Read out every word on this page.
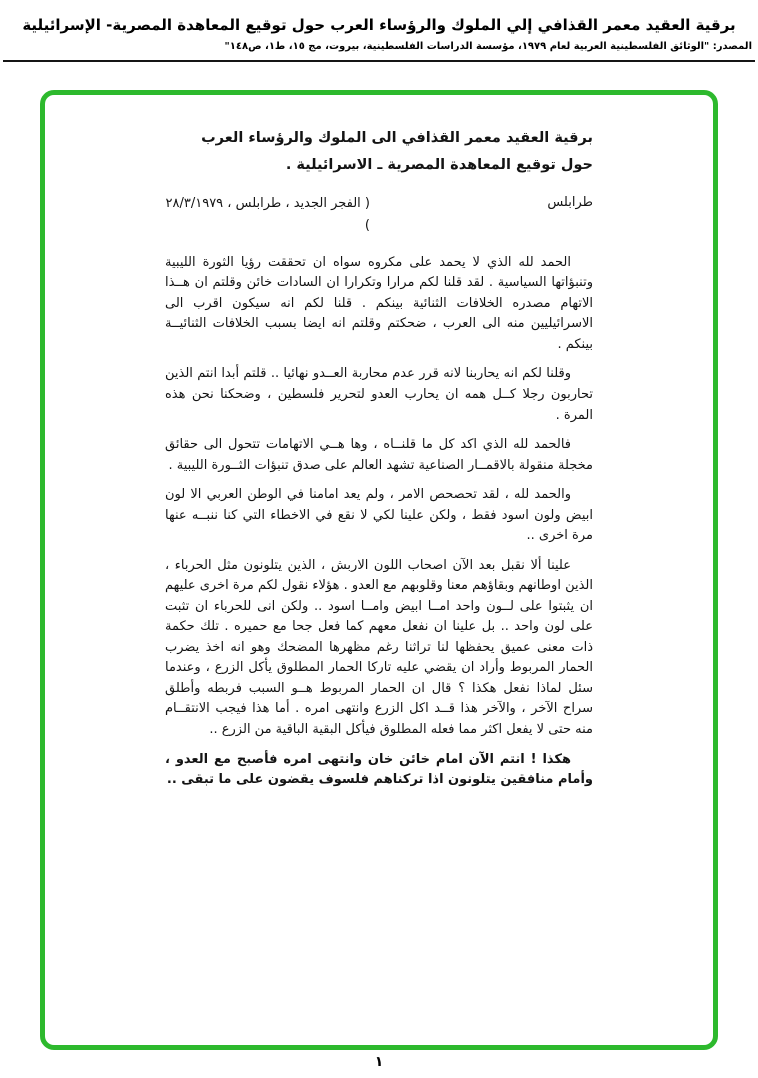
برقية العقيد معمر القذافي إلي الملوك والرؤساء العرب حول توقيع المعاهدة المصرية- الإسرائيلية
المصدر: "الوثائق الفلسطينية العربية لعام ١٩٧٩، مؤسسة الدراسات الفلسطينية، بيروت، مج ١٥، ط١، ص١٤٨"
برقية العقيد معمر القذافي الى الملوك والرؤساء العرب
حول توقيع المعاهدة المصرية ـ الاسرائيلية .
طرابلس
( الفجر الجديد ، طرابلس ، ٢٨/٣/١٩٧٩ )

الحمد لله الذي لا يحمد على مكروه سواه ان تحققت رؤيا الثورة الليبية وتنبؤاتها السياسية . لقد قلنا لكم مرارا وتكرارا ان السادات خائن وقلتم ان هــذا الاتهام مصدره الخلافات الثنائية بينكم . قلنا لكم انه سيكون اقرب الى الاسرائيليين منه الى العرب ، ضحكتم وقلتم انه ايضا بسبب الخلافات الثنائيــة بينكم .

وقلنا لكم انه يحاربنا لانه قرر عدم محاربة العــدو نهائيا .. قلتم أبدا انتم الذين تحاربون رجلا كــل همه ان يحارب العدو لتحرير فلسطين ، وضحكنا نحن هذه المرة .

فالحمد لله الذي اكد كل ما قلنــاه ، وها هــي الاتهامات تتحول الى حقائق مخجلة منقولة بالاقمــار الصناعية تشهد العالم على صدق تنبؤات الثــورة الليبية .

والحمد لله ، لقد تحصحص الامر ، ولم يعد امامنا في الوطن العربي الا لون ابيض ولون اسود فقط ، ولكن علينا لكي لا نقع في الاخطاء التي كنا ننبــه عنها مرة اخرى ..

علينا ألا نقبل بعد الآن اصحاب اللون الاربش ، الذين يتلونون مثل الحرباء ، الذين اوطانهم وبقاؤهم معنا وقلوبهم مع العدو . هؤلاء نقول لكم مرة اخرى عليهم ان يثبتوا على لــون واحد امــا ابيض وامــا اسود .. ولكن انى للحرباء ان تثبت على لون واحد .. بل علينا ان نفعل معهم كما فعل جحا مع حميره . تلك حكمة ذات معنى عميق يحفظها لنا تراثنا رغم مظهرها المضحك وهو انه اخذ يضرب الحمار المربوط وأراد ان يقضي عليه تاركا الحمار المطلوق يأكل الزرع ، وعندما سئل لماذا نفعل هكذا ؟ قال ان الحمار المربوط هــو السبب فربطه وأطلق سراح الآخر ، والآخر هذا قــد اكل الزرع وانتهى امره . أما هذا فيجب الانتقــام منه حتى لا يفعل اكثر مما فعله المطلوق فيأكل البقية الباقية من الزرع ..

هكذا ! انتم الآن امام خائن خان وانتهى امره فأصبح مع العدو ، وأمام منافقين يتلونون اذا تركناهم فلسوف يقضون على ما تبقى ..

١
